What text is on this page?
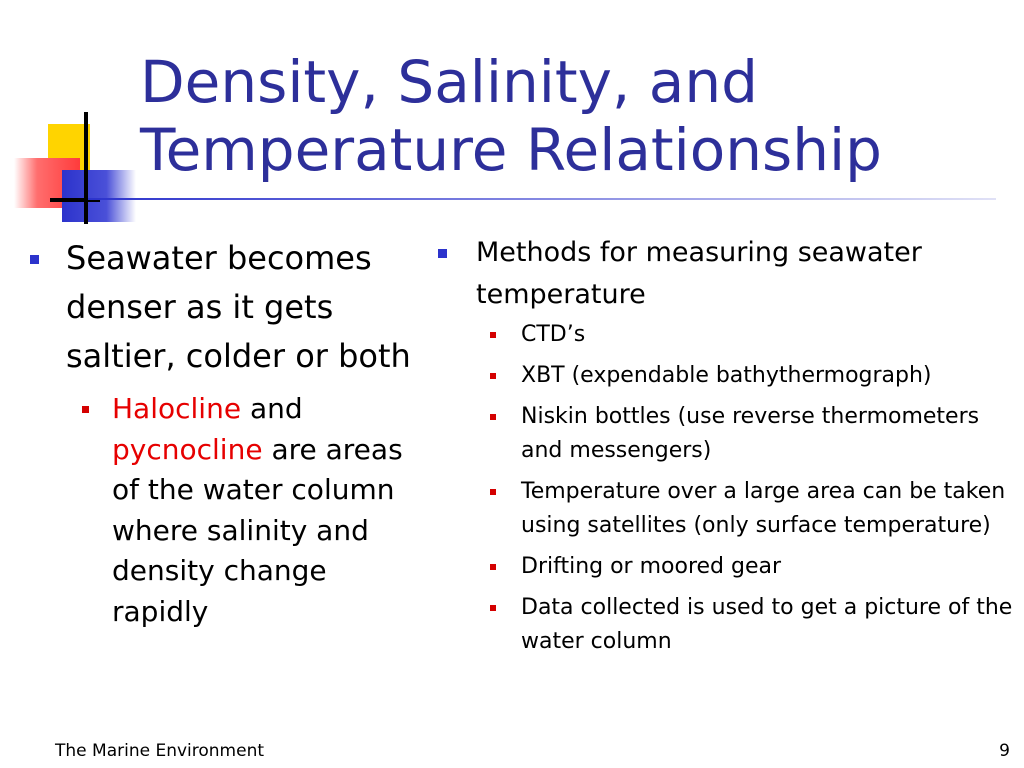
Density, Salinity, and
Temperature Relationship
Seawater becomes denser as it gets saltier, colder or both
Halocline and pycnocline are areas of the water column where salinity and density change rapidly
Methods for measuring seawater temperature
CTD’s
XBT (expendable bathythermograph)
Niskin bottles (use reverse thermometers and messengers)
Temperature over a large area can be taken using satellites (only surface temperature)
Drifting or moored gear
Data collected is used to get a picture of the water column
The Marine Environment	9
